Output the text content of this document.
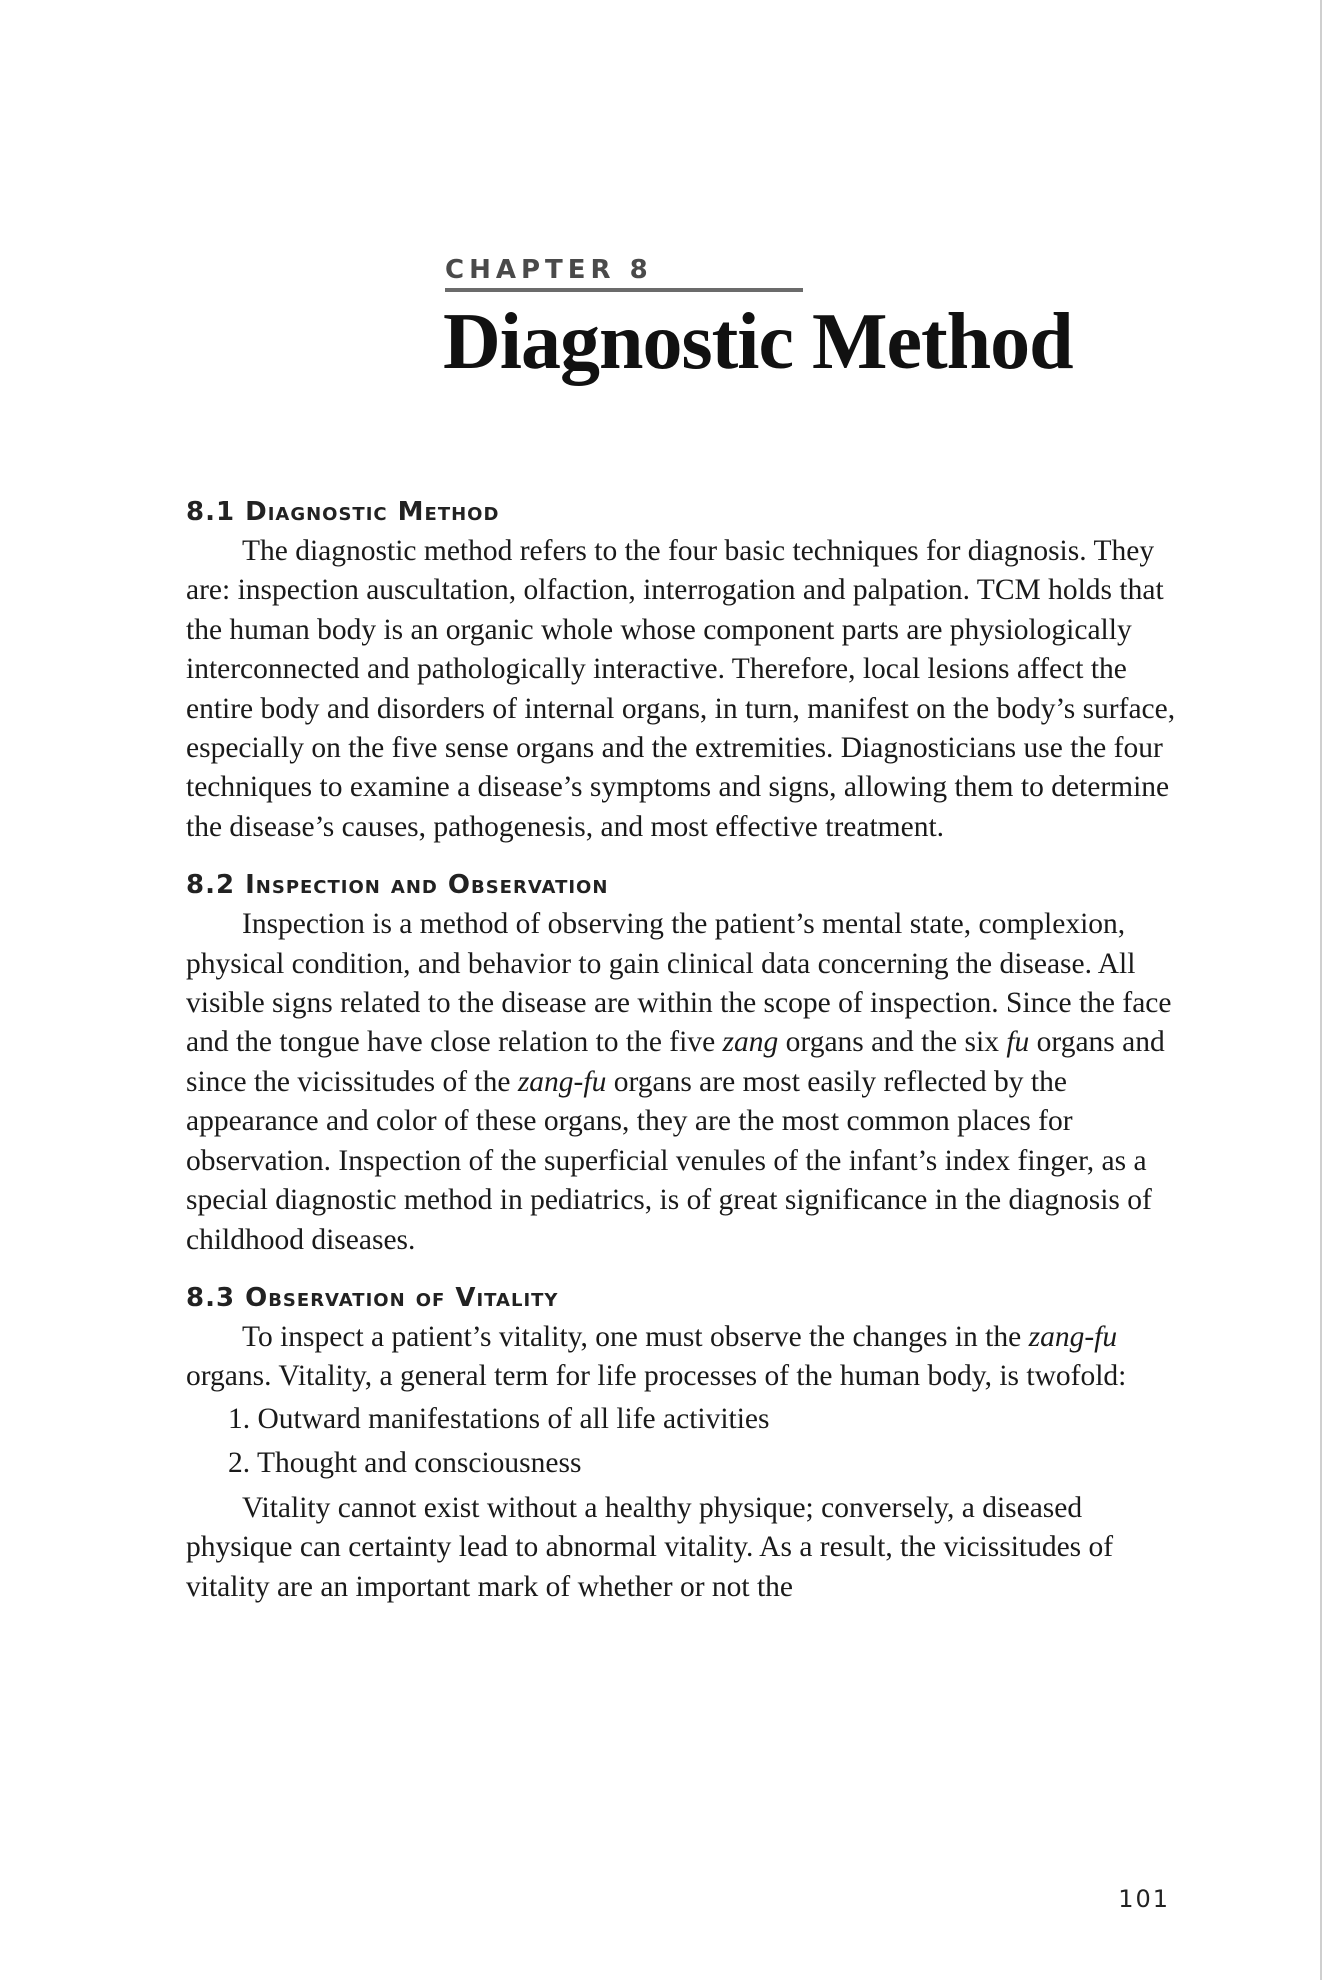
CHAPTER 8
Diagnostic Method
8.1 Diagnostic Method

The diagnostic method refers to the four basic techniques for diagnosis. They are: inspection auscultation, olfaction, interrogation and palpation. TCM holds that the human body is an organic whole whose component parts are physiologically interconnected and pathologically interactive. Therefore, local lesions affect the entire body and disorders of internal organs, in turn, manifest on the body’s surface, especially on the five sense organs and the extremities. Diagnosticians use the four techniques to examine a disease’s symptoms and signs, allowing them to determine the disease’s causes, pathogenesis, and most effective treatment.

8.2 Inspection and Observation

Inspection is a method of observing the patient’s mental state, complexion, physical condition, and behavior to gain clinical data concerning the disease. All visible signs related to the disease are within the scope of inspection. Since the face and the tongue have close relation to the five zang organs and the six fu organs and since the vicissitudes of the zang-fu organs are most easily reflected by the appearance and color of these organs, they are the most common places for observation. Inspection of the superficial venules of the infant’s index finger, as a special diagnostic method in pediatrics, is of great significance in the diagnosis of childhood diseases.

8.3 Observation of Vitality

To inspect a patient’s vitality, one must observe the changes in the zang-fu organs. Vitality, a general term for life processes of the human body, is twofold:

1. Outward manifestations of all life activities

2. Thought and consciousness

Vitality cannot exist without a healthy physique; conversely, a diseased physique can certainty lead to abnormal vitality. As a result, the vicissitudes of vitality are an important mark of whether or not the

101
